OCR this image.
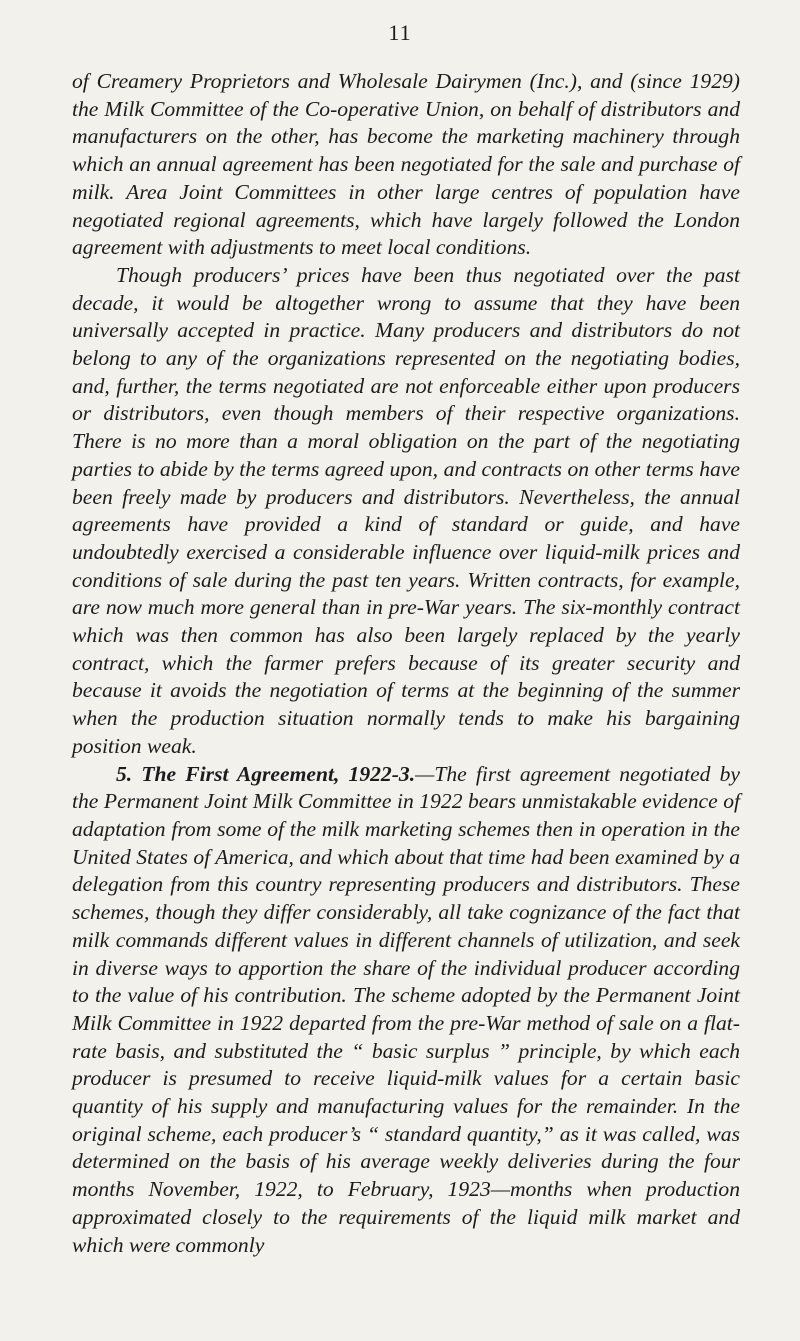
11

of Creamery Proprietors and Wholesale Dairymen (Inc.), and (since 1929) the Milk Committee of the Co-operative Union, on behalf of distributors and manufacturers on the other, has become the marketing machinery through which an annual agreement has been negotiated for the sale and purchase of milk. Area Joint Committees in other large centres of population have negotiated regional agreements, which have largely followed the London agreement with adjustments to meet local conditions.

Though producers’ prices have been thus negotiated over the past decade, it would be altogether wrong to assume that they have been universally accepted in practice. Many producers and distributors do not belong to any of the organizations represented on the negotiating bodies, and, further, the terms negotiated are not enforceable either upon producers or distributors, even though members of their respective organizations. There is no more than a moral obligation on the part of the negotiating parties to abide by the terms agreed upon, and contracts on other terms have been freely made by producers and distributors. Nevertheless, the annual agreements have provided a kind of standard or guide, and have undoubtedly exercised a considerable influence over liquid-milk prices and conditions of sale during the past ten years. Written contracts, for example, are now much more general than in pre-War years. The six-monthly contract which was then common has also been largely replaced by the yearly contract, which the farmer prefers because of its greater security and because it avoids the negotiation of terms at the beginning of the summer when the production situation normally tends to make his bargaining position weak.

5. The First Agreement, 1922-3.—The first agreement negotiated by the Permanent Joint Milk Committee in 1922 bears unmistakable evidence of adaptation from some of the milk marketing schemes then in operation in the United States of America, and which about that time had been examined by a delegation from this country representing producers and distributors. These schemes, though they differ considerably, all take cognizance of the fact that milk commands different values in different channels of utilization, and seek in diverse ways to apportion the share of the individual producer according to the value of his contribution. The scheme adopted by the Permanent Joint Milk Committee in 1922 departed from the pre-War method of sale on a flat-rate basis, and substituted the “ basic surplus ” principle, by which each producer is presumed to receive liquid-milk values for a certain basic quantity of his supply and manufacturing values for the remainder. In the original scheme, each producer’s “ standard quantity,” as it was called, was determined on the basis of his average weekly deliveries during the four months November, 1922, to February, 1923—months when production approximated closely to the requirements of the liquid milk market and which were commonly
